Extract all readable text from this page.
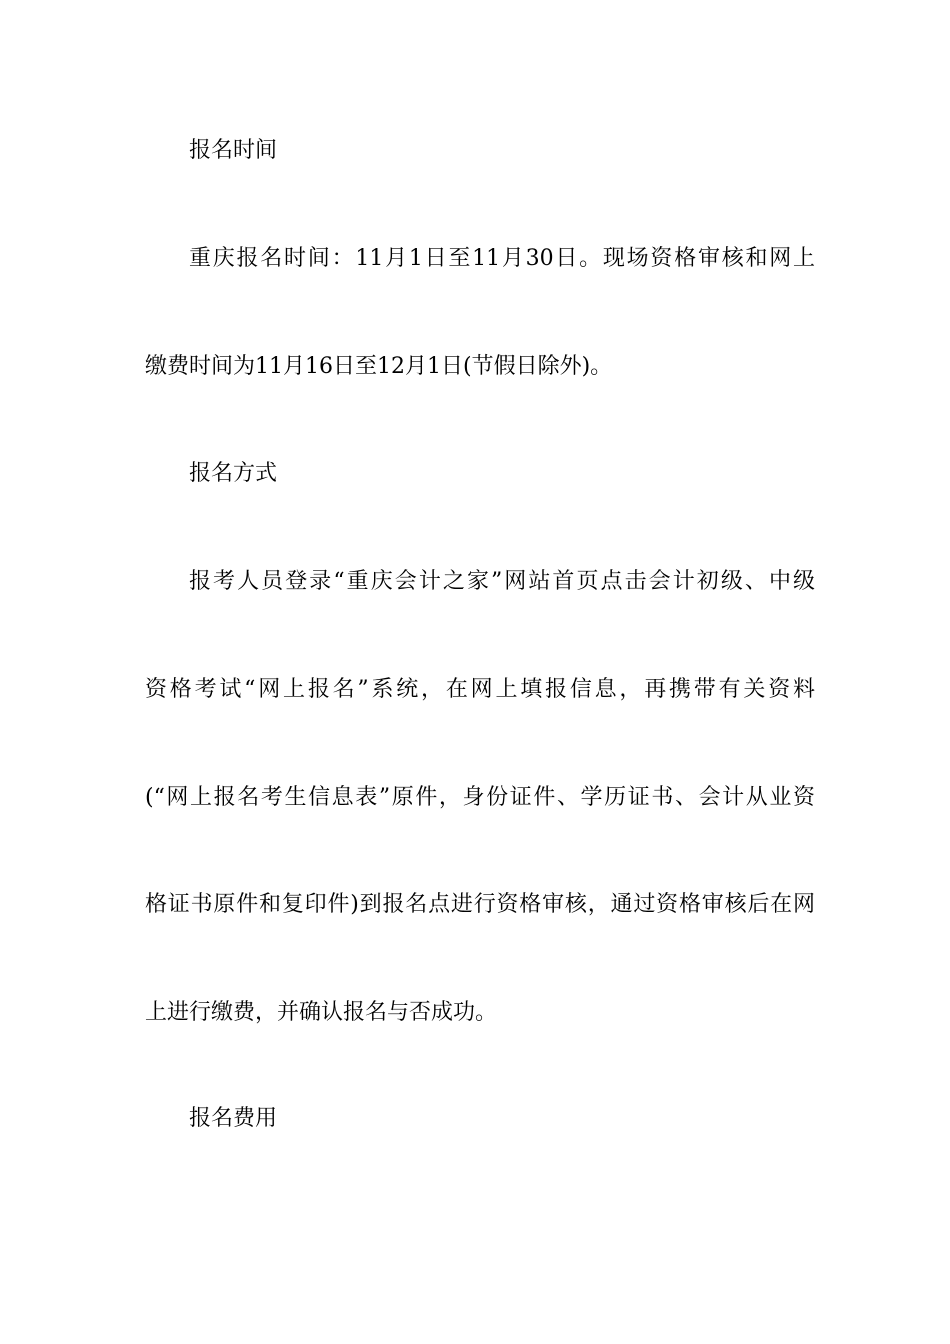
报名时间
重庆报名时间：11月1日至11月30日。现场资格审核和网上
缴费时间为11月16日至12月1日(节假日除外)。
报名方式
报考人员登录“重庆会计之家”网站首页点击会计初级、中级
资格考试“网上报名”系统，在网上填报信息，再携带有关资料
(“网上报名考生信息表”原件，身份证件、学历证书、会计从业资
格证书原件和复印件)到报名点进行资格审核，通过资格审核后在网
上进行缴费，并确认报名与否成功。
报名费用
